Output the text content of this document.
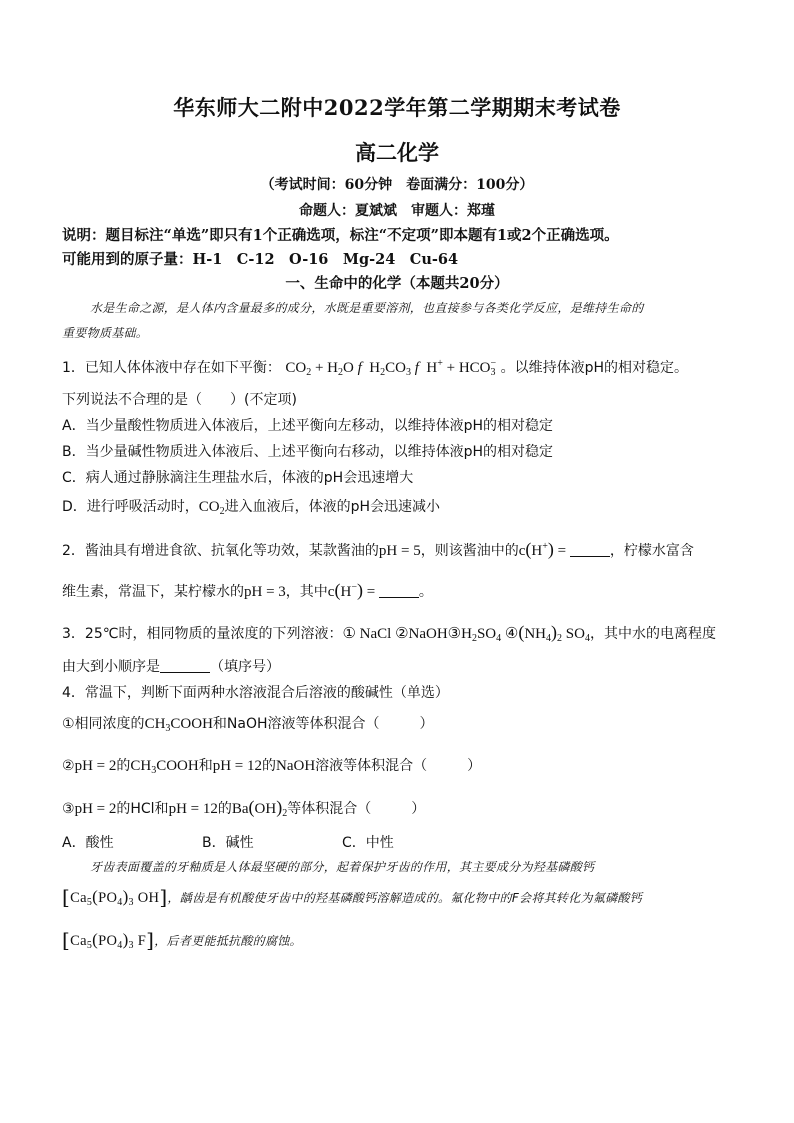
华东师大二附中2022学年第二学期期末考试卷
高二化学
（考试时间：60分钟　卷面满分：100分）
命题人：夏斌斌　审题人：郑瑾
说明：题目标注“单选”即只有1个正确选项，标注“不定项”即本题有1或2个正确选项。
可能用到的原子量：H-1　C-12　O-16　Mg-24　Cu-64
一、生命中的化学（本题共20分）
水是生命之源，是人体内含量最多的成分，水既是重要溶剂，也直接参与各类化学反应，是维持生命的
重要物质基础。
1．已知人体体液中存在如下平衡： $CO_2 + H_2O$ f  $H_2CO_3$ f  $H^+ + HCO_3^-$ 。以维持体液pH的相对稳定。
下列说法不合理的是（　　）(不定项)
A．当少量酸性物质进入体液后，上述平衡向左移动，以维持体液pH的相对稳定
B．当少量碱性物质进入体液后、上述平衡向右移动，以维持体液pH的相对稳定
C．病人通过静脉滴注生理盐水后，体液的pH会迅速增大
D．进行呼吸活动时，$CO_2$进入血液后，体液的pH会迅速减小
2．酱油具有增进食欲、抗氧化等功效，某款酱油的pH = 5，则该酱油中的c(H+) =	，柠檬水富含
维生素，常温下，某柠檬水的pH = 3，其中c(H−) =	。
3．25℃时，相同物质的量浓度的下列溶液：① NaCl $②NaOH③H_2SO_4$ $④(NH_4)_2$ $SO_4$，其中水的电离程度
由大到小顺序是	（填序号）
4．常温下，判断下面两种水溶液混合后溶液的酸碱性（单选）
①相同浓度的$CH_3COOH$和NaOH溶液等体积混合（	）
②pH = 2的$CH_3COOH$和pH = 12的NaOH溶液等体积混合（	）
③pH = 2的HCl和pH = 12的$Ba(OH)_2$等体积混合（	）
A．酸性	B．碱性	C．中性
牙齿表面覆盖的牙釉质是人体最坚硬的部分，起着保护牙齿的作用，其主要成分为羟基磷酸钙
[$Ca_5(PO_4)_3$ OH]，龋齿是有机酸使牙齿中的羟基磷酸钙溶解造成的。氟化物中的F会将其转化为氟磷酸钙
[$Ca_5(PO_4)_3$ F]，后者更能抵抗酸的腐蚀。
